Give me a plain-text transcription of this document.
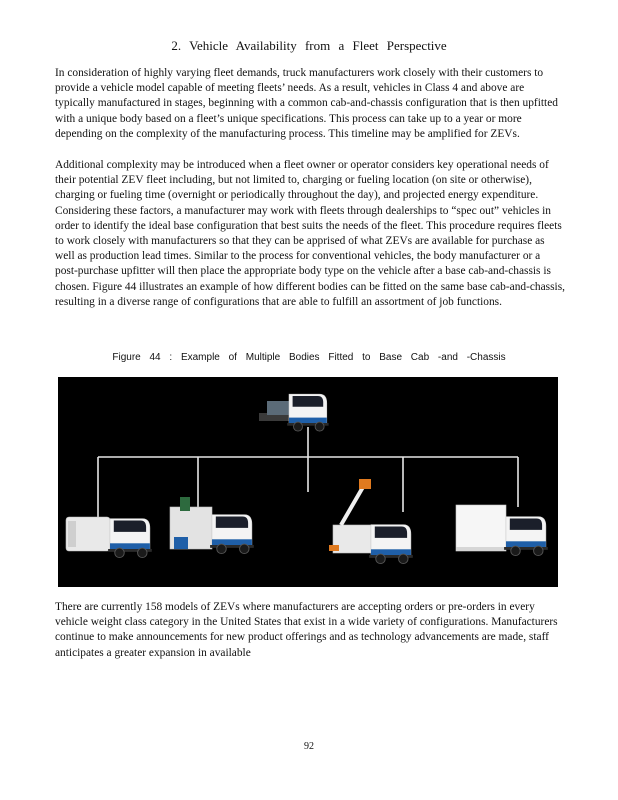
2. Vehicle Availability from a Fleet Perspective

In consideration of highly varying fleet demands, truck manufacturers work closely with their customers to provide a vehicle model capable of meeting fleets’ needs. As a result, vehicles in Class 4 and above are typically manufactured in stages, beginning with a common cab-and-chassis configuration that is then upfitted with a unique body based on a fleet’s unique specifications. This process can take up to a year or more depending on the complexity of the manufacturing process. This timeline may be amplified for ZEVs.

Additional complexity may be introduced when a fleet owner or operator considers key operational needs of their potential ZEV fleet including, but not limited to, charging or fueling location (on site or otherwise), charging or fueling time (overnight or periodically throughout the day), and projected energy expenditure. Considering these factors, a manufacturer may work with fleets through dealerships to “spec out” vehicles in order to identify the ideal base configuration that best suits the needs of the fleet. This procedure requires fleets to work closely with manufacturers so that they can be apprised of what ZEVs are available for purchase as well as production lead times. Similar to the process for conventional vehicles, the body manufacturer or a post-purchase upfitter will then place the appropriate body type on the vehicle after a base cab-and-chassis is chosen. Figure 44 illustrates an example of how different bodies can be fitted on the same base cab-and-chassis, resulting in a diverse range of configurations that are able to fulfill an assortment of job functions.

Figure 44 : Example of Multiple Bodies Fitted to Base Cab -and -Chassis

There are currently 158 models of ZEVs where manufacturers are accepting orders or pre-orders in every vehicle weight class category in the United States that exist in a wide variety of configurations. Manufacturers continue to make announcements for new product offerings and as technology advancements are made, staff anticipates a greater expansion in available

92
